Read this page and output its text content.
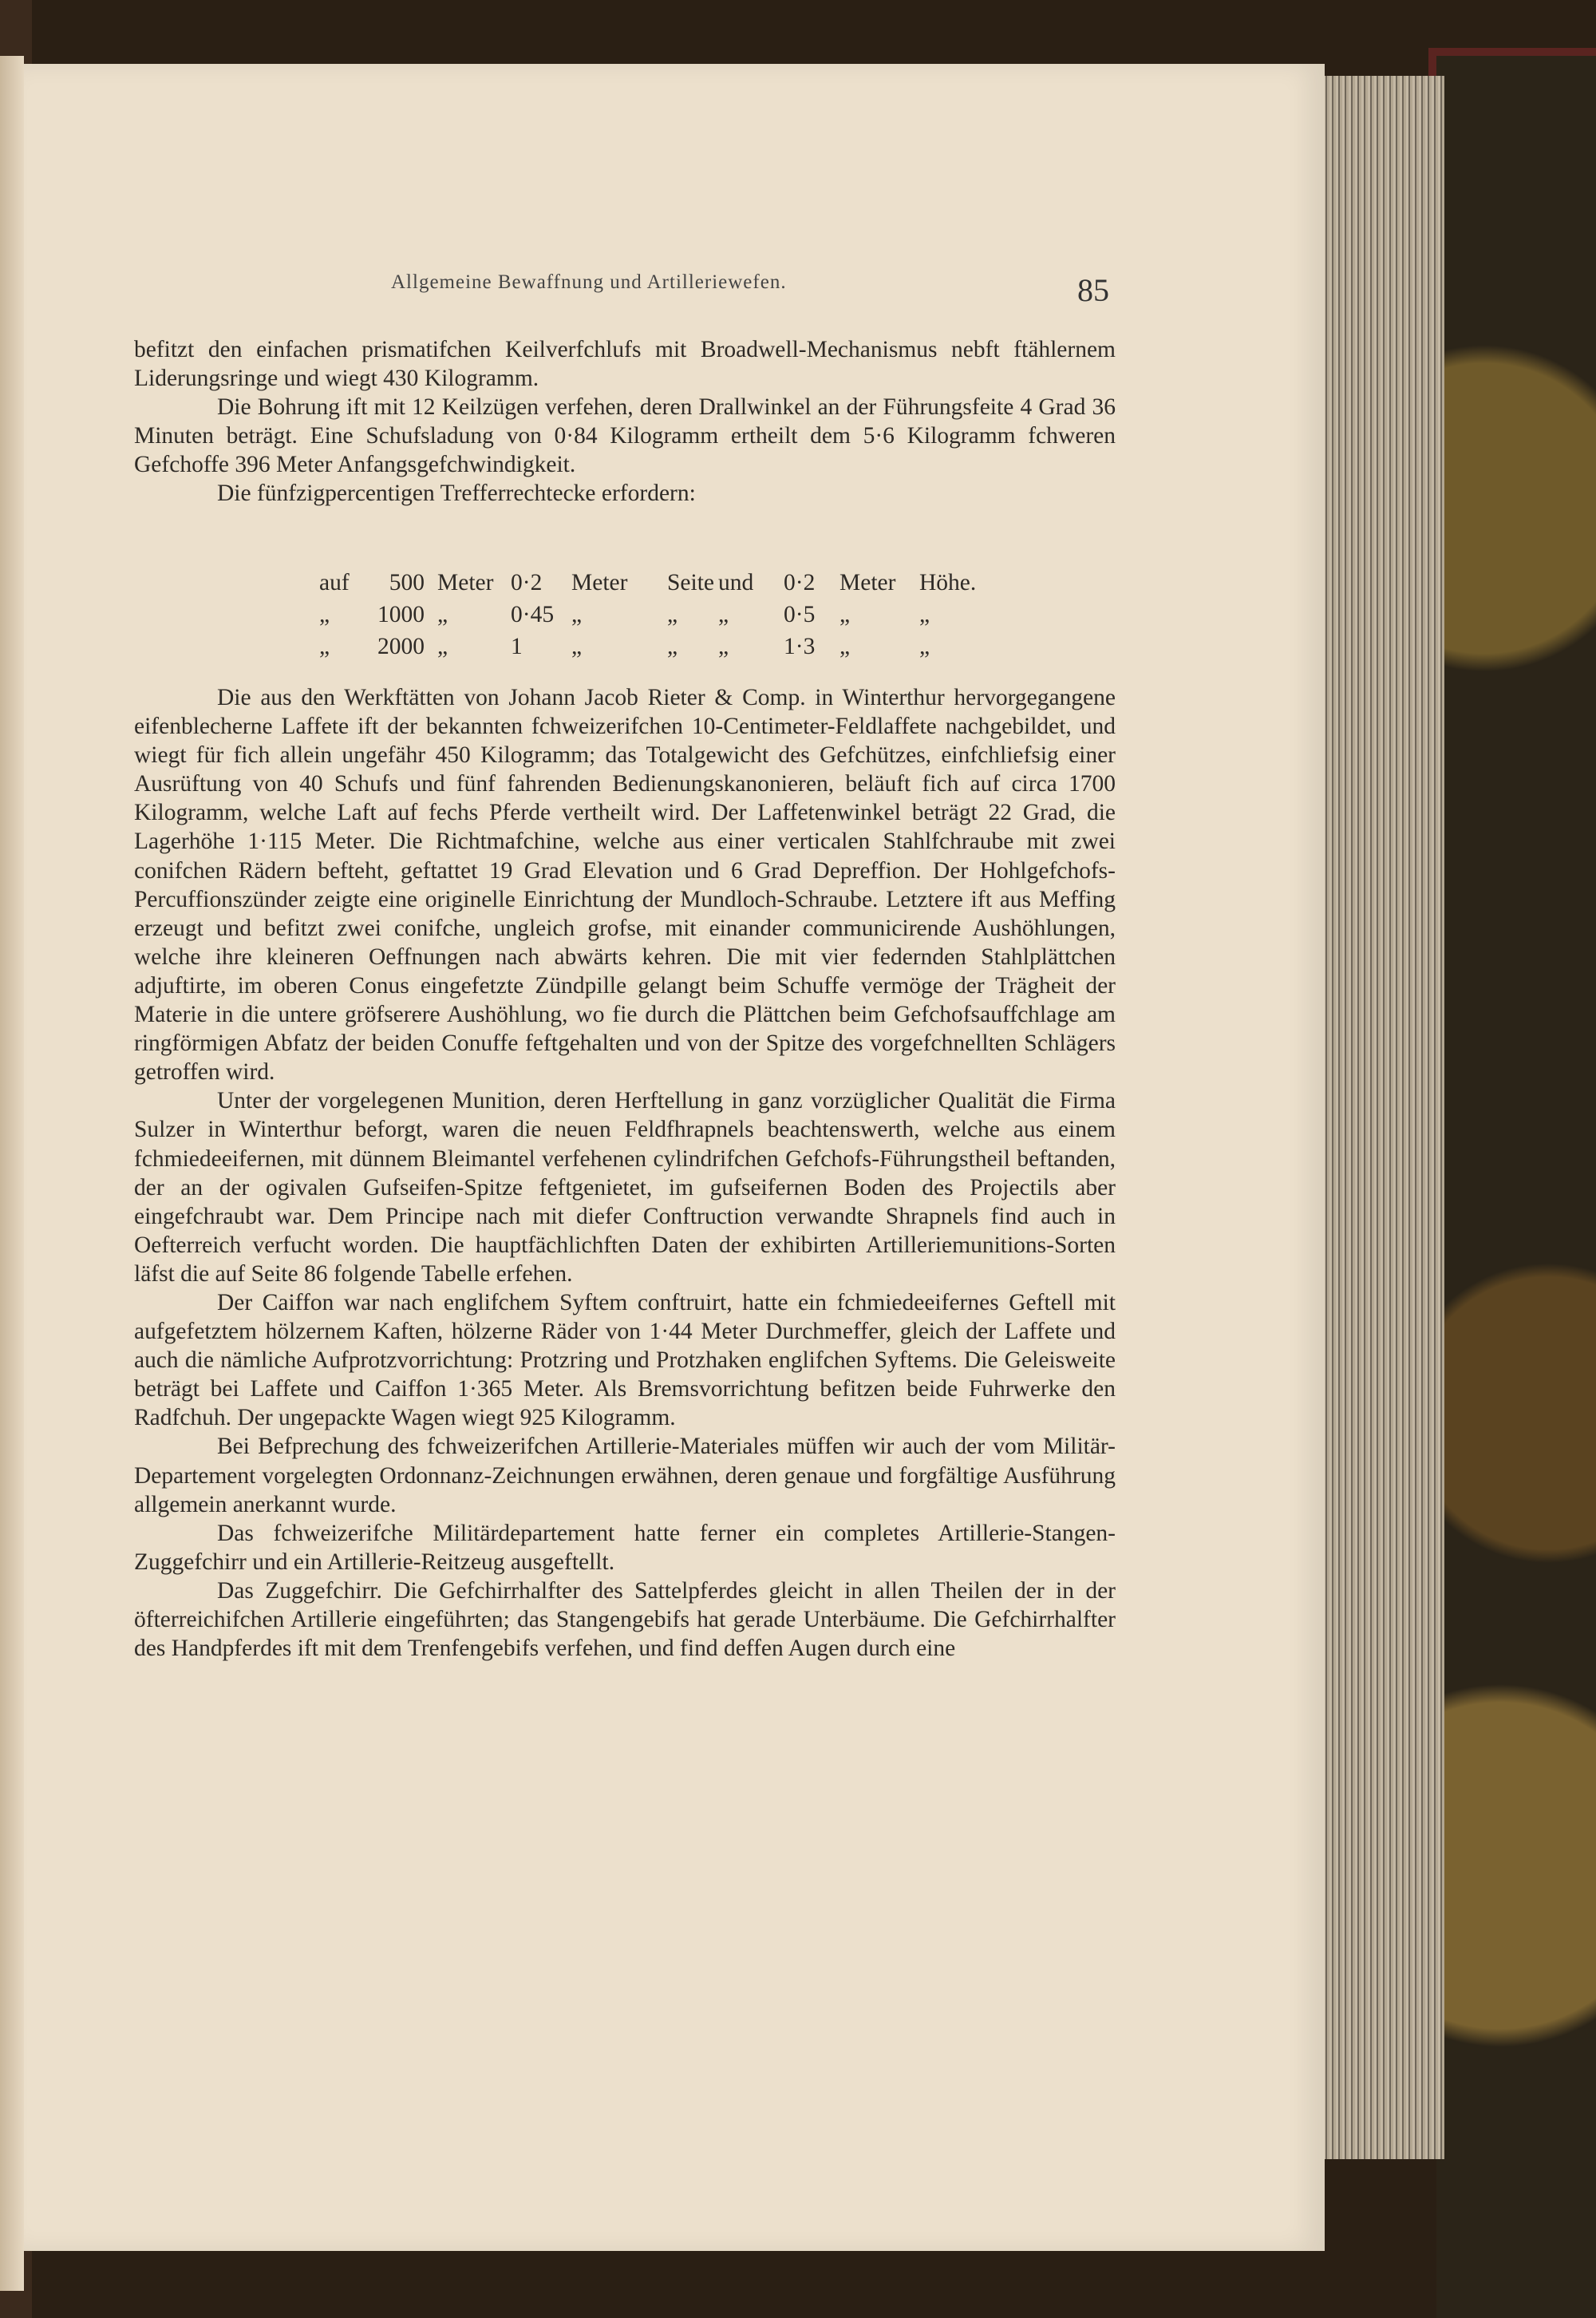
Allgemeine Bewaffnung und Artilleriewefen.	85

befitzt den einfachen prismatifchen Keilverfchlufs mit Broadwell-Mechanismus nebft ftählernem Liderungsringe und wiegt 430 Kilogramm.

Die Bohrung ift mit 12 Keilzügen verfehen, deren Drallwinkel an der Führungsfeite 4 Grad 36 Minuten beträgt. Eine Schufsladung von 0·84 Kilogramm ertheilt dem 5·6 Kilogramm fchweren Gefchoffe 396 Meter Anfangsgefchwindigkeit.

Die fünfzigpercentigen Trefferrechtecke erfordern:

auf	500 Meter 0·2	Meter	Seite und	0·2	Meter	Höhe.
„	1000 „	0·45 „	„	„	0·5	„	„
„	2000 „	1	„	„	„	1·3	„	„

Die aus den Werkftätten von Johann Jacob Rieter & Comp. in Winterthur hervorgegangene eifenblecherne Laffete ift der bekannten fchweizerifchen 10-Centimeter-Feldlaffete nachgebildet, und wiegt für fich allein ungefähr 450 Kilogramm; das Totalgewicht des Gefchützes, einfchliefsig einer Ausrüftung von 40 Schufs und fünf fahrenden Bedienungskanonieren, beläuft fich auf circa 1700 Kilogramm, welche Laft auf fechs Pferde vertheilt wird. Der Laffetenwinkel beträgt 22 Grad, die Lagerhöhe 1·115 Meter. Die Richtmafchine, welche aus einer verticalen Stahlfchraube mit zwei conifchen Rädern befteht, geftattet 19 Grad Elevation und 6 Grad Depreffion. Der Hohlgefchofs-Percuffionszünder zeigte eine originelle Einrichtung der Mundloch-Schraube. Letztere ift aus Meffing erzeugt und befitzt zwei conifche, ungleich grofse, mit einander communicirende Aushöhlungen, welche ihre kleineren Oeffnungen nach abwärts kehren. Die mit vier federnden Stahlplättchen adjuftirte, im oberen Conus eingefetzte Zündpille gelangt beim Schuffe vermöge der Trägheit der Materie in die untere gröfserere Aushöhlung, wo fie durch die Plättchen beim Gefchofsauffchlage am ringförmigen Abfatz der beiden Conuffe feftgehalten und von der Spitze des vorgefchnellten Schlägers getroffen wird.

Unter der vorgelegenen Munition, deren Herftellung in ganz vorzüglicher Qualität die Firma Sulzer in Winterthur beforgt, waren die neuen Feldfhrapnels beachtenswerth, welche aus einem fchmiedeeifernen, mit dünnem Bleimantel verfehenen cylindrifchen Gefchofs-Führungstheil beftanden, der an der ogivalen Gufseifen-Spitze feftgenietet, im gufseifernen Boden des Projectils aber eingefchraubt war. Dem Principe nach mit diefer Conftruction verwandte Shrapnels find auch in Oefterreich verfucht worden. Die hauptfächlichften Daten der exhibirten Artilleriemunitions-Sorten läfst die auf Seite 86 folgende Tabelle erfehen.

Der Caiffon war nach englifchem Syftem conftruirt, hatte ein fchmiedeeifernes Geftell mit aufgefetztem hölzernem Kaften, hölzerne Räder von 1·44 Meter Durchmeffer, gleich der Laffete und auch die nämliche Aufprotzvorrichtung: Protzring und Protzhaken englifchen Syftems. Die Geleisweite beträgt bei Laffete und Caiffon 1·365 Meter. Als Bremsvorrichtung befitzen beide Fuhrwerke den Radfchuh. Der ungepackte Wagen wiegt 925 Kilogramm.

Bei Befprechung des fchweizerifchen Artillerie-Materiales müffen wir auch der vom Militär-Departement vorgelegten Ordonnanz-Zeichnungen erwähnen, deren genaue und forgfältige Ausführung allgemein anerkannt wurde.

Das fchweizerifche Militärdepartement hatte ferner ein completes Artillerie-Stangen-Zuggefchirr und ein Artillerie-Reitzeug ausgeftellt.

Das Zuggefchirr. Die Gefchirrhalfter des Sattelpferdes gleicht in allen Theilen der in der öfterreichifchen Artillerie eingeführten; das Stangengebifs hat gerade Unterbäume. Die Gefchirrhalfter des Handpferdes ift mit dem Trenfengebifs verfehen, und find deffen Augen durch eine
